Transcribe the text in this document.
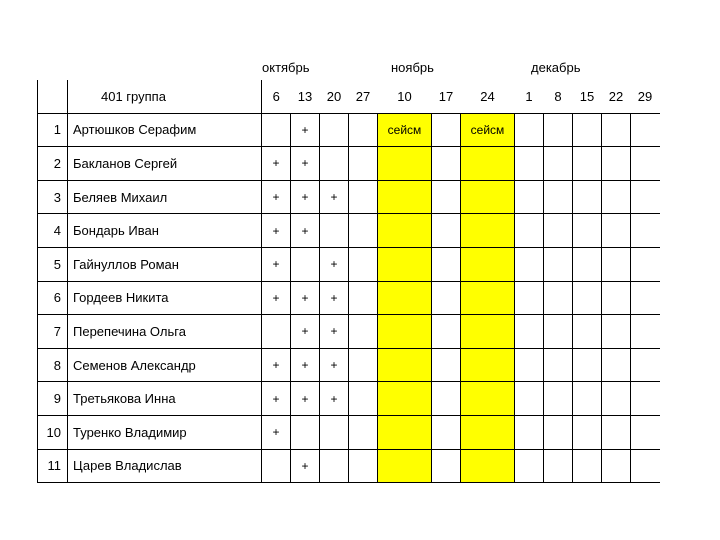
октябрь	ноябрь	декабрь
	401 группа	6	13	20	27	10	17	24	1	8	15	22	29
1	Артюшков Серафим		+			сейсм		сейсм					
2	Бакланов Сергей	+	+										
3	Беляев Михаил	+	+	+									
4	Бондарь Иван	+	+										
5	Гайнуллов Роман	+		+									
6	Гордеев Никита	+	+	+									
7	Перепечина Ольга		+	+									
8	Семенов Александр	+	+	+									
9	Третьякова Инна	+	+	+									
10	Туренко Владимир	+											
11	Царев Владислав		+										
